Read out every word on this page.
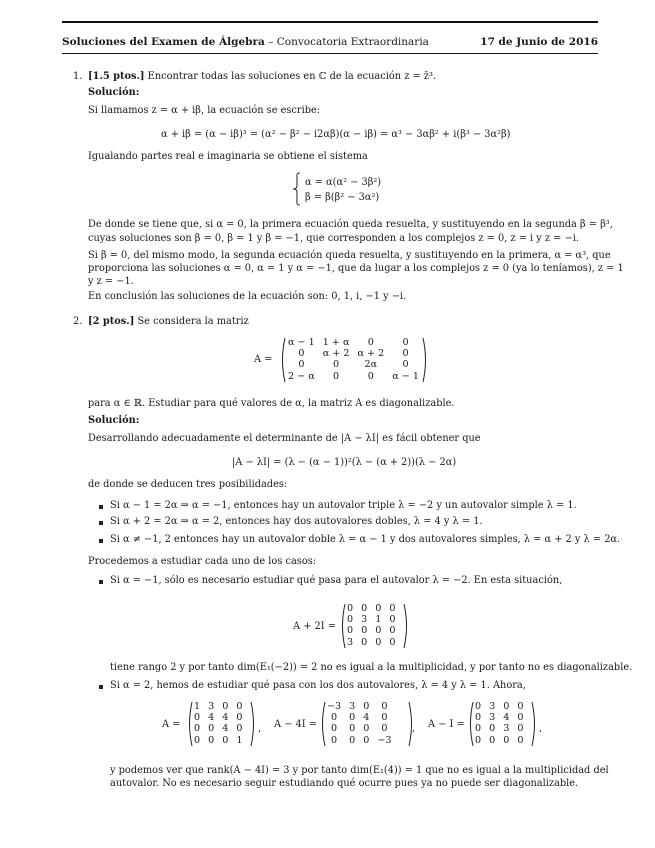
Soluciones del Examen de Álgebra – Convocatoria Extraordinaria	17 de Junio de 2016
1. [1.5 ptos.] Encontrar todas las soluciones en ℂ de la ecuación z = z̄³.
Solución:
Si llamamos z = α + iβ, la ecuación se escribe:
α + iβ = (α − iβ)³ = (α² − β² − i2αβ)(α − iβ) = α³ − 3αβ² + i(β³ − 3α²β)
Igualando partes real e imaginaria se obtiene el sistema
α = α(α² − 3β²)
β = β(β² − 3α²)
De donde se tiene que, si α = 0, la primera ecuación queda resuelta, y sustituyendo en la segunda β = β³,
cuyas soluciones son β = 0, β = 1 y β = −1, que corresponden a los complejos z = 0, z = i y z = −i.
Si β = 0, del mismo modo, la segunda ecuación queda resuelta, y sustituyendo en la primera, α = α³, que
proporciona las soluciones α = 0, α = 1 y α = −1, que da lugar a los complejos z = 0 (ya lo teníamos), z = 1
y z = −1.
En conclusión las soluciones de la ecuación son: 0, 1, i, −1 y −i.
2. [2 ptos.] Se considera la matriz
A =
α − 1	1 + α	0	0
0	α + 2	α + 2	0
0	0	2α	0
2 − α	0	0	α − 1
para α ∈ ℝ. Estudiar para qué valores de α, la matriz A es diagonalizable.
Solución:
Desarrollando adecuadamente el determinante de |A − λI| es fácil obtener que
|A − λI| = (λ − (α − 1))²(λ − (α + 2))(λ − 2α)
de donde se deducen tres posibilidades:
Si α − 1 = 2α ⇒ α = −1, entonces hay un autovalor triple λ = −2 y un autovalor simple λ = 1.
Si α + 2 = 2α ⇒ α = 2, entonces hay dos autovalores dobles, λ = 4 y λ = 1.
Si α ≠ −1, 2 entonces hay un autovalor doble λ = α − 1 y dos autovalores simples, λ = α + 2 y λ = 2α.
Procedemos a estudiar cada uno de los casos:
Si α = −1, sólo es necesario estudiar qué pasa para el autovalor λ = −2. En esta situación,
A + 2I =
0	0	0	0
0	3	1	0
0	0	0	0
3	0	0	0
tiene rango 2 y por tanto dim(E₁(−2)) = 2 no es igual a la multiplicidad, y por tanto no es diagonalizable.
Si α = 2, hemos de estudiar qué pasa con los dos autovalores, λ = 4 y λ = 1. Ahora,
A =
1	3	0	0
0	4	4	0
0	0	4	0
0	0	0	1
, A − 4I =
−3	3	0	0
0	0	4	0
0	0	0	0
0	0	0	−3
, A − I =
0	3	0	0
0	3	4	0
0	0	3	0
0	0	0	0
,
y podemos ver que rank(A − 4I) = 3 y por tanto dim(E₁(4)) = 1 que no es igual a la multiplicidad del
autovalor. No es necesario seguir estudiando qué ocurre pues ya no puede ser diagonalizable.
